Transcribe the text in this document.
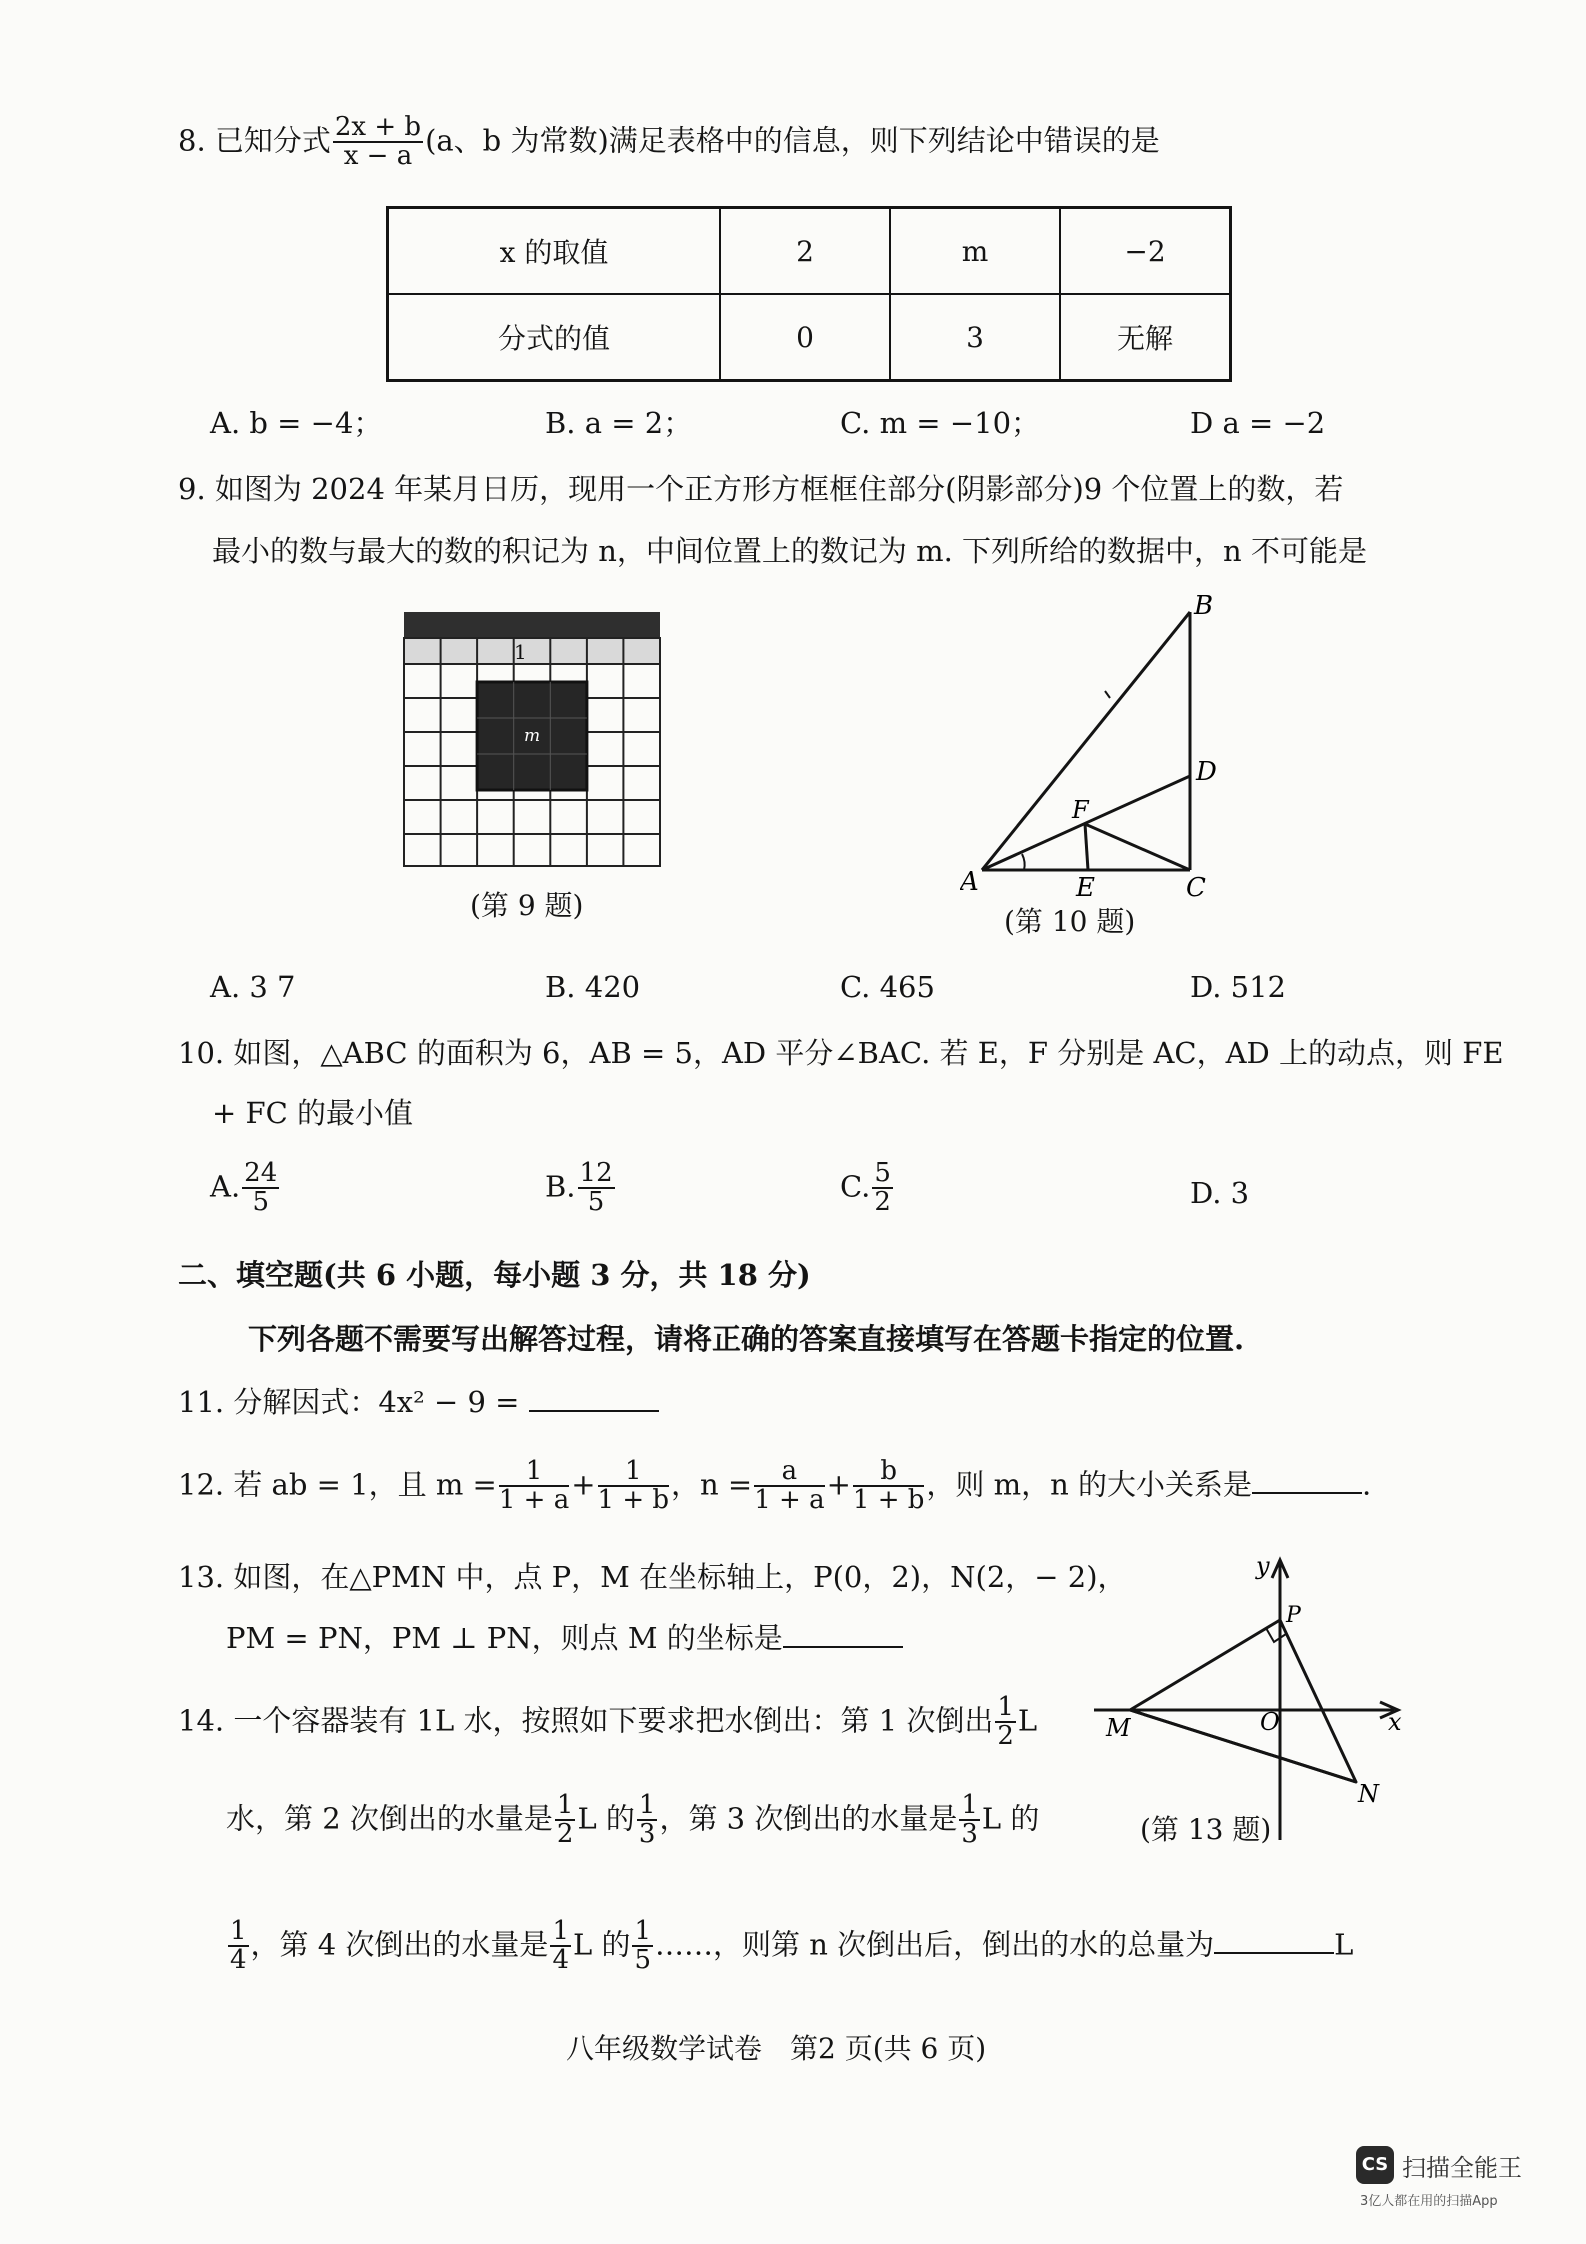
8. 已知分式 $\frac{2x + b}{x - a} (a$、b 为常数)满足表格中的信息，则下列结论中错误的是
x 的取值	2	m	−2
分式的值	0	3	无解
A. b = −4；	B. a = 2；	C. m = −10；	D a = −2
9. 如图为 2024 年某月日历，现用一个正方形方框框住部分(阴影部分)9 个位置上的数，若
最小的数与最大的数的积记为 n，中间位置上的数记为 m. 下列所给的数据中，n 不可能是
1
m
(第 9 题)
B
D
F
A	E	C
(第 10 题)
A. 3 7	B. 420	C. 465	D. 512
10. 如图，△ABC 的面积为 6，AB = 5，AD 平分∠BAC. 若 E，F 分别是 AC，AD 上的动点，则 FE
+ FC 的最小值
A. $\frac{24}{5}$	B. $\frac{12}{5}$	C. $\frac{5}{2}$	D. 3
二、填空题(共 6 小题，每小题 3 分，共 18 分)
下列各题不需要写出解答过程，请将正确的答案直接填写在答题卡指定的位置.
11. 分解因式：4x² − 9 =
12. 若 ab = 1，且 $m = \frac{1}{1 + a} + \frac{1}{1 + b}$ ，$n = \frac{a}{1 + a} + \frac{b}{1 + b}$ ，则 m，n 的大小关系是	.
13. 如图，在△PMN 中，点 P，M 在坐标轴上，P(0，2)，N(2，− 2)，
PM = PN，PM ⊥ PN，则点 M 的坐标是
y
x
O
M
P
N
(第 13 题)
14. 一个容器装有 1L 水，按照如下要求把水倒出：第 1 次倒出 $\frac{1}{2}$ L
水，第 2 次倒出的水量是 $\frac{1}{2}$ L 的 $\frac{1}{3}$ ，第 3 次倒出的水量是 $\frac{1}{3}$ L 的
$\frac{1}{4}$ ，第 4 次倒出的水量是 $\frac{1}{4}$ L 的 $\frac{1}{5}$ ……，则第 n 次倒出后，倒出的水的总量为	L
八年级数学试卷　第2 页(共 6 页)
CS 扫描全能王
3亿人都在用的扫描App
